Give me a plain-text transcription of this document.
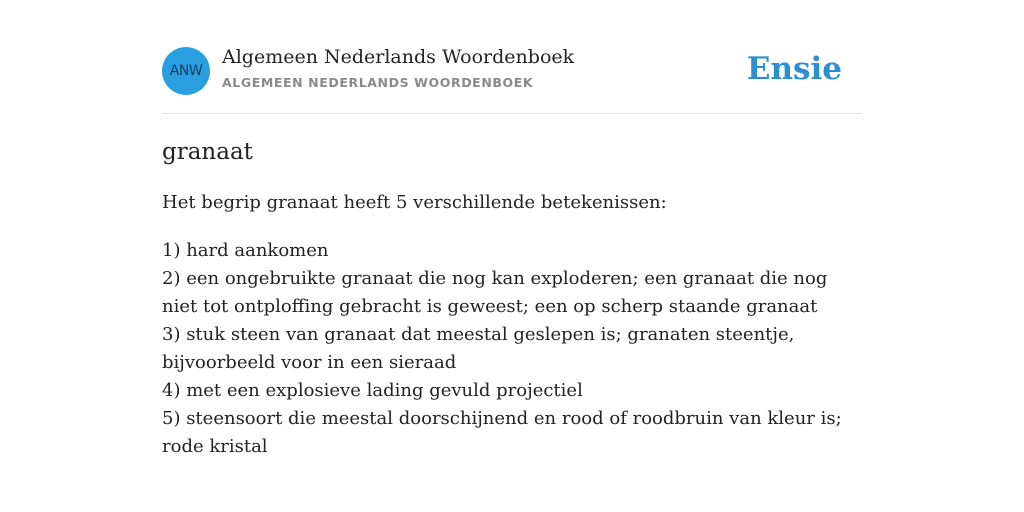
ANW
Algemeen Nederlands Woordenboek
ALGEMEEN NEDERLANDS WOORDENBOEK	Ensie
granaat
Het begrip granaat heeft 5 verschillende betekenissen:
1) hard aankomen
2) een ongebruikte granaat die nog kan exploderen; een granaat die nog niet tot ontploffing gebracht is geweest; een op scherp staande granaat
3) stuk steen van granaat dat meestal geslepen is; granaten steentje, bijvoorbeeld voor in een sieraad
4) met een explosieve lading gevuld projectiel
5) steensoort die meestal doorschijnend en rood of roodbruin van kleur is; rode kristal
